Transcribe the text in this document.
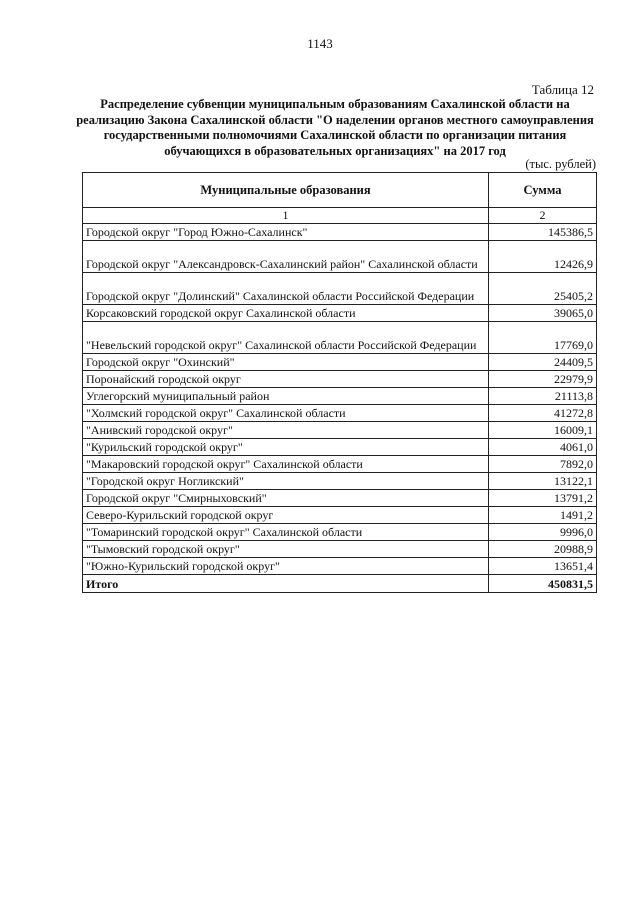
1143
Таблица 12
Распределение субвенции муниципальным образованиям Сахалинской области на реализацию Закона Сахалинской области "О наделении органов местного самоуправления государственными полномочиями Сахалинской области по организации питания обучающихся в образовательных организациях" на 2017 год
(тыс. рублей)
Муниципальные образования	Сумма
1	2
Городской округ "Город Южно-Сахалинск"	145386,5
Городской округ "Александровск-Сахалинский район" Сахалинской области	12426,9
Городской округ "Долинский" Сахалинской области Российской Федерации	25405,2
Корсаковский городской округ Сахалинской области	39065,0
"Невельский городской округ" Сахалинской области Российской Федерации	17769,0
Городской округ "Охинский"	24409,5
Поронайский городской округ	22979,9
Углегорский муниципальный район	21113,8
"Холмский городской округ" Сахалинской области	41272,8
"Анивский городской округ"	16009,1
"Курильский городской округ"	4061,0
"Макаровский городской округ" Сахалинской области	7892,0
"Городской округ Ногликский"	13122,1
Городской округ "Смирныховский"	13791,2
Северо-Курильский городской округ	1491,2
"Томаринский городской округ" Сахалинской области	9996,0
"Тымовский городской округ"	20988,9
"Южно-Курильский городской округ"	13651,4
Итого	450831,5
